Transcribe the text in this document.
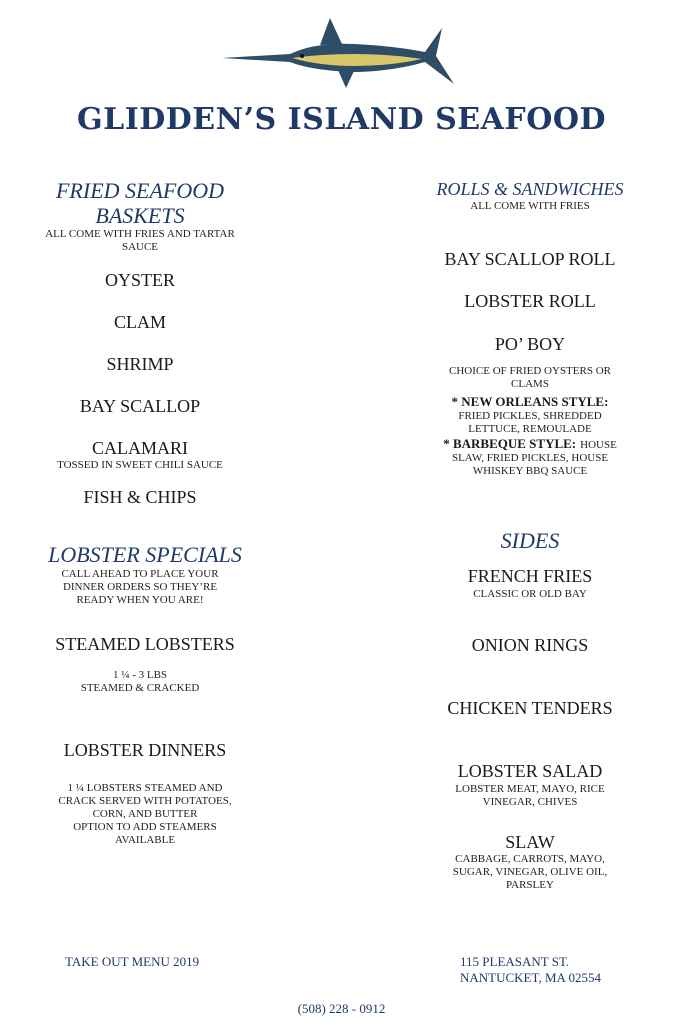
GLIDDEN’S ISLAND SEAFOOD
FRIED SEAFOOD
BASKETS
ALL COME WITH FRIES AND TARTAR
SAUCE
OYSTER
CLAM
SHRIMP
BAY SCALLOP
CALAMARI
TOSSED IN SWEET CHILI SAUCE
FISH & CHIPS
LOBSTER SPECIALS
CALL AHEAD TO PLACE YOUR
DINNER ORDERS SO THEY’RE
READY WHEN YOU ARE!
STEAMED LOBSTERS
1 ¼ - 3 LBS
STEAMED & CRACKED
LOBSTER DINNERS
1 ¼ LOBSTERS STEAMED AND
CRACK SERVED WITH POTATOES,
CORN, AND BUTTER
OPTION TO ADD STEAMERS
AVAILABLE
ROLLS & SANDWICHES
ALL COME WITH FRIES
BAY SCALLOP ROLL
LOBSTER ROLL
PO’ BOY
CHOICE OF FRIED OYSTERS OR
CLAMS
* NEW ORLEANS STYLE:
FRIED PICKLES, SHREDDED
LETTUCE, REMOULADE
* BARBEQUE STYLE: HOUSE
SLAW, FRIED PICKLES, HOUSE
WHISKEY BBQ SAUCE
SIDES
FRENCH FRIES
CLASSIC OR OLD BAY
ONION RINGS
CHICKEN TENDERS
LOBSTER SALAD
LOBSTER MEAT, MAYO, RICE
VINEGAR, CHIVES
SLAW
CABBAGE, CARROTS, MAYO,
SUGAR, VINEGAR, OLIVE OIL,
PARSLEY
TAKE OUT MENU 2019	115 PLEASANT ST.
NANTUCKET, MA 02554
(508) 228 - 0912
